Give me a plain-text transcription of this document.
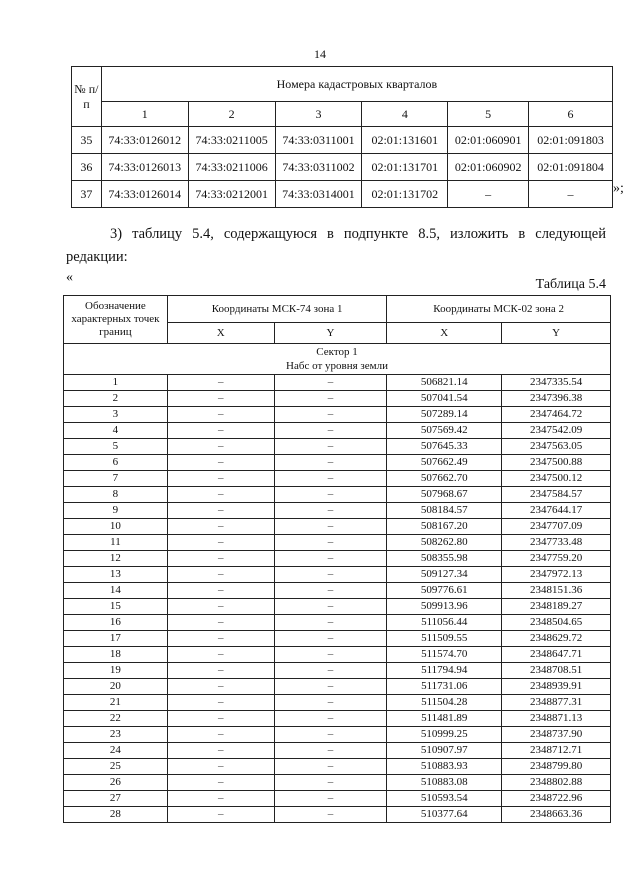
14
№ п/п	Номера кадастровых кварталов					
	1	2	3	4	5	6
35	74:33:0126012	74:33:0211005	74:33:0311001	02:01:131601	02:01:060901	02:01:091803
36	74:33:0126013	74:33:0211006	74:33:0311002	02:01:131701	02:01:060902	02:01:091804
37	74:33:0126014	74:33:0212001	74:33:0314001	02:01:131702	–	–	»;
3) таблицу 5.4, содержащуюся в подпункте 8.5, изложить в следующей
редакции:
«	Таблица 5.4
Обозначение характерных точек границ	Координаты МСК-74 зона 1		Координаты МСК-02 зона 2	
	X	Y	X	Y

Сектор 1
Набс от уровня земли				

1	–	–	506821.14	2347335.54
2	–	–	507041.54	2347396.38
3	–	–	507289.14	2347464.72
4	–	–	507569.42	2347542.09
5	–	–	507645.33	2347563.05
6	–	–	507662.49	2347500.88
7	–	–	507662.70	2347500.12
8	–	–	507968.67	2347584.57
9	–	–	508184.57	2347644.17
10	–	–	508167.20	2347707.09
11	–	–	508262.80	2347733.48
12	–	–	508355.98	2347759.20
13	–	–	509127.34	2347972.13
14	–	–	509776.61	2348151.36
15	–	–	509913.96	2348189.27
16	–	–	511056.44	2348504.65
17	–	–	511509.55	2348629.72
18	–	–	511574.70	2348647.71
19	–	–	511794.94	2348708.51
20	–	–	511731.06	2348939.91
21	–	–	511504.28	2348877.31
22	–	–	511481.89	2348871.13
23	–	–	510999.25	2348737.90
24	–	–	510907.97	2348712.71
25	–	–	510883.93	2348799.80
26	–	–	510883.08	2348802.88
27	–	–	510593.54	2348722.96
28	–	–	510377.64	2348663.36
